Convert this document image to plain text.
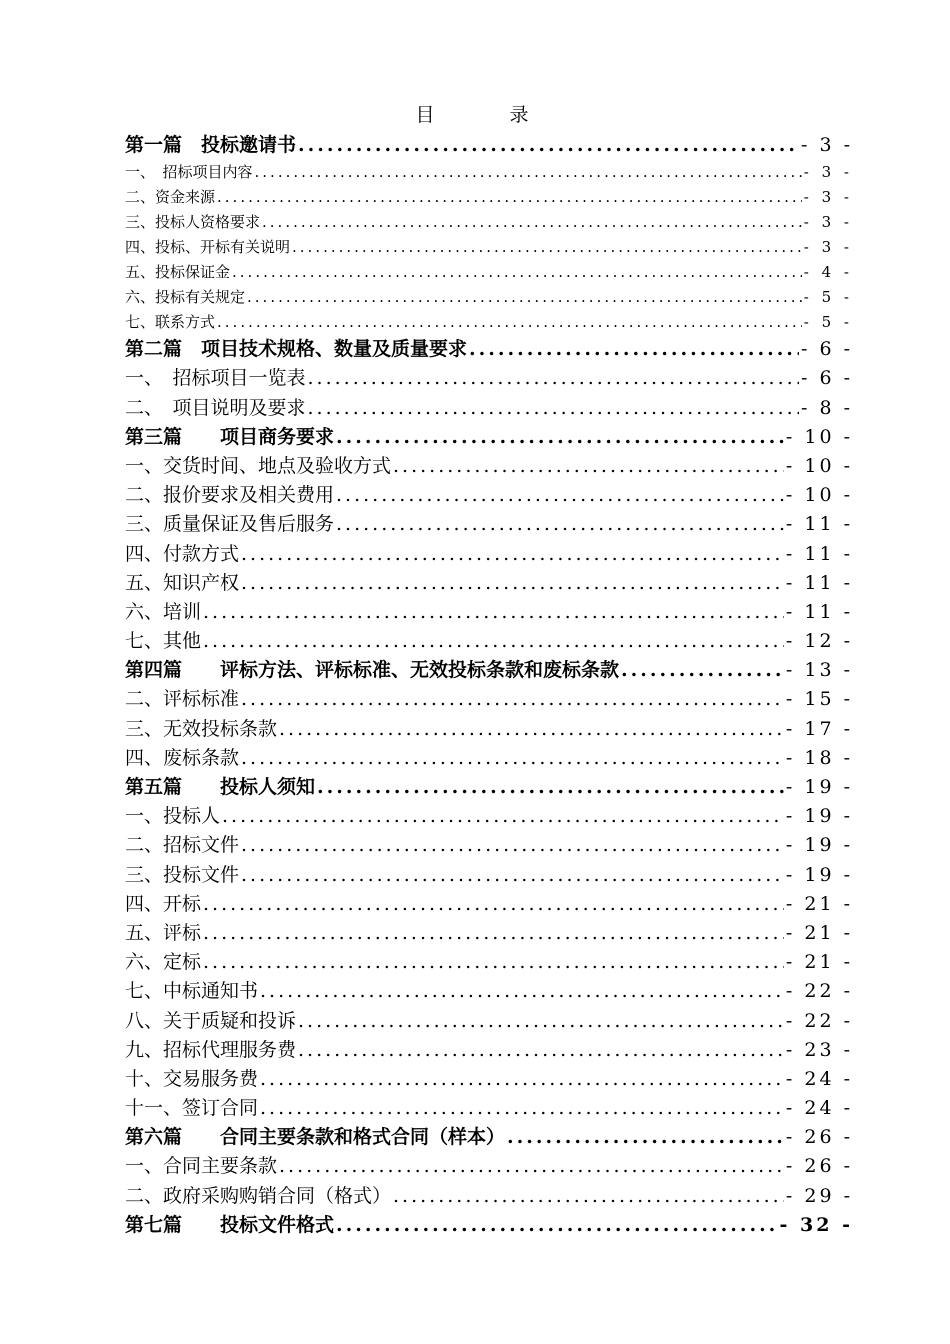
目　录
第一篇　投标邀请书 .....	- 3 -
一、　招标项目内容 .....	- 3 -
二、资金来源 .....	- 3 -
三、投标人资格要求 .....	- 3 -
四、投标、开标有关说明 .....	- 3 -
五、投标保证金 .....	- 4 -
六、投标有关规定 .....	- 5 -
七、联系方式 .....	- 5 -
第二篇　项目技术规格、数量及质量要求 .....	- 6 -
一、　招标项目一览表 .....	- 6 -
二、　项目说明及要求 .....	- 8 -
第三篇　　项目商务要求 .....	- 10 -
一、交货时间、地点及验收方式 .....	- 10 -
二、报价要求及相关费用 .....	- 10 -
三、质量保证及售后服务 .....	- 11 -
四、付款方式 .....	- 11 -
五、知识产权 .....	- 11 -
六、培训 .....	- 11 -
七、其他 .....	- 12 -
第四篇　　评标方法、评标标准、无效投标条款和废标条款 .....	- 13 -
二、评标标准 .....	- 15 -
三、无效投标条款 .....	- 17 -
四、废标条款 .....	- 18 -
第五篇　　投标人须知 .....	- 19 -
一、投标人 .....	- 19 -
二、招标文件 .....	- 19 -
三、投标文件 .....	- 19 -
四、开标 .....	- 21 -
五、评标 .....	- 21 -
六、定标 .....	- 21 -
七、中标通知书 .....	- 22 -
八、关于质疑和投诉 .....	- 22 -
九、招标代理服务费 .....	- 23 -
十、交易服务费 .....	- 24 -
十一、签订合同 .....	- 24 -
第六篇　　合同主要条款和格式合同（样本） .....	- 26 -
一、合同主要条款 .....	- 26 -
二、政府采购购销合同（格式） .....	- 29 -
第七篇　　投标文件格式 .....	- 32 -
